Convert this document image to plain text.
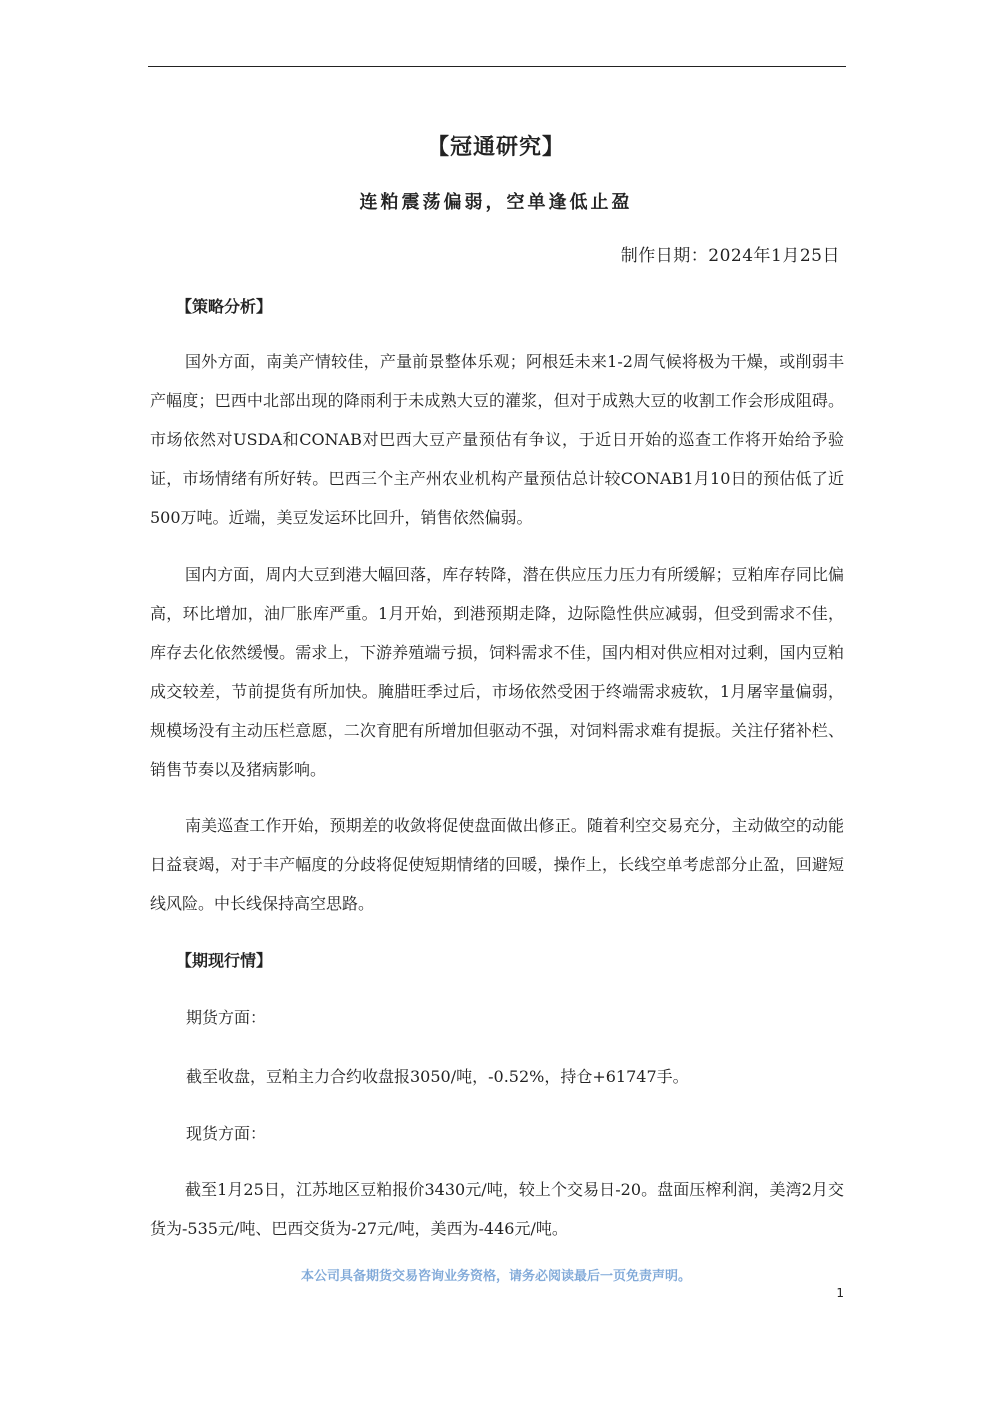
【冠通研究】
连粕震荡偏弱，空单逢低止盈
制作日期：2024年1月25日
【策略分析】
国外方面，南美产情较佳，产量前景整体乐观；阿根廷未来1-2周气候将极为干燥，或削弱丰产幅度；巴西中北部出现的降雨利于未成熟大豆的灌浆，但对于成熟大豆的收割工作会形成阻碍。市场依然对USDA和CONAB对巴西大豆产量预估有争议，于近日开始的巡查工作将开始给予验证，市场情绪有所好转。巴西三个主产州农业机构产量预估总计较CONAB1月10日的预估低了近500万吨。近端，美豆发运环比回升，销售依然偏弱。
国内方面，周内大豆到港大幅回落，库存转降，潜在供应压力压力有所缓解；豆粕库存同比偏高，环比增加，油厂胀库严重。1月开始，到港预期走降，边际隐性供应减弱，但受到需求不佳，库存去化依然缓慢。需求上，下游养殖端亏损，饲料需求不佳，国内相对供应相对过剩，国内豆粕成交较差，节前提货有所加快。腌腊旺季过后，市场依然受困于终端需求疲软，1月屠宰量偏弱，规模场没有主动压栏意愿，二次育肥有所增加但驱动不强，对饲料需求难有提振。关注仔猪补栏、销售节奏以及猪病影响。
南美巡查工作开始，预期差的收敛将促使盘面做出修正。随着利空交易充分，主动做空的动能日益衰竭，对于丰产幅度的分歧将促使短期情绪的回暖，操作上，长线空单考虑部分止盈，回避短线风险。中长线保持高空思路。
【期现行情】
期货方面：
截至收盘，豆粕主力合约收盘报3050/吨，-0.52%，持仓+61747手。
现货方面：
截至1月25日，江苏地区豆粕报价3430元/吨，较上个交易日-20。盘面压榨利润，美湾2月交货为-535元/吨、巴西交货为-27元/吨，美西为-446元/吨。
本公司具备期货交易咨询业务资格，请务必阅读最后一页免责声明。
1
